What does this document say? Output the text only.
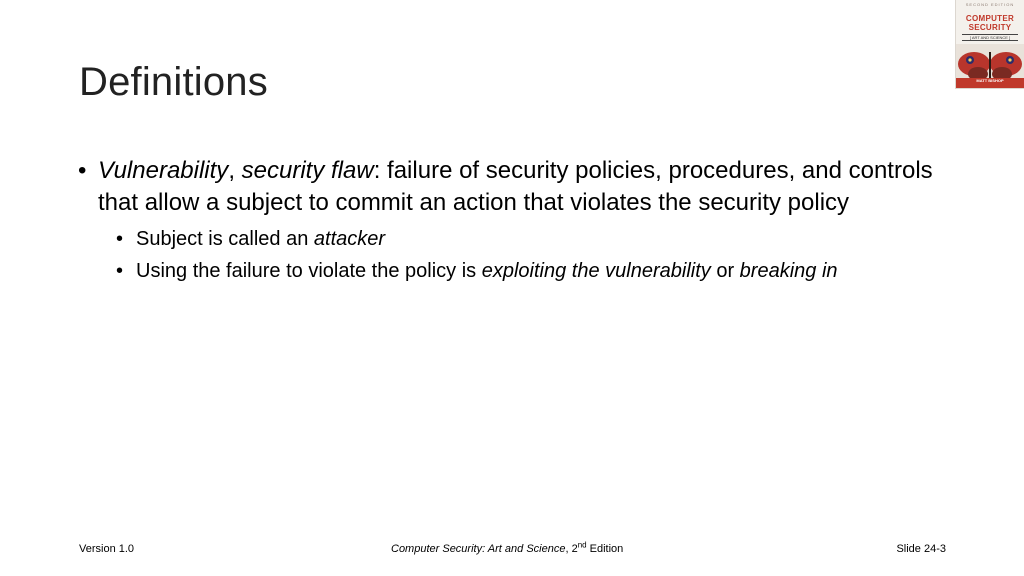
Definitions
• Vulnerability, security flaw: failure of security policies, procedures, and controls that allow a subject to commit an action that violates the security policy
• Subject is called an attacker
• Using the failure to violate the policy is exploiting the vulnerability or breaking in
Version 1.0	Computer Security: Art and Science, 2nd Edition	Slide 24-3
SECOND EDITION
COMPUTER
SECURITY
[ ART AND SCIENCE ]
MATT BISHOP
